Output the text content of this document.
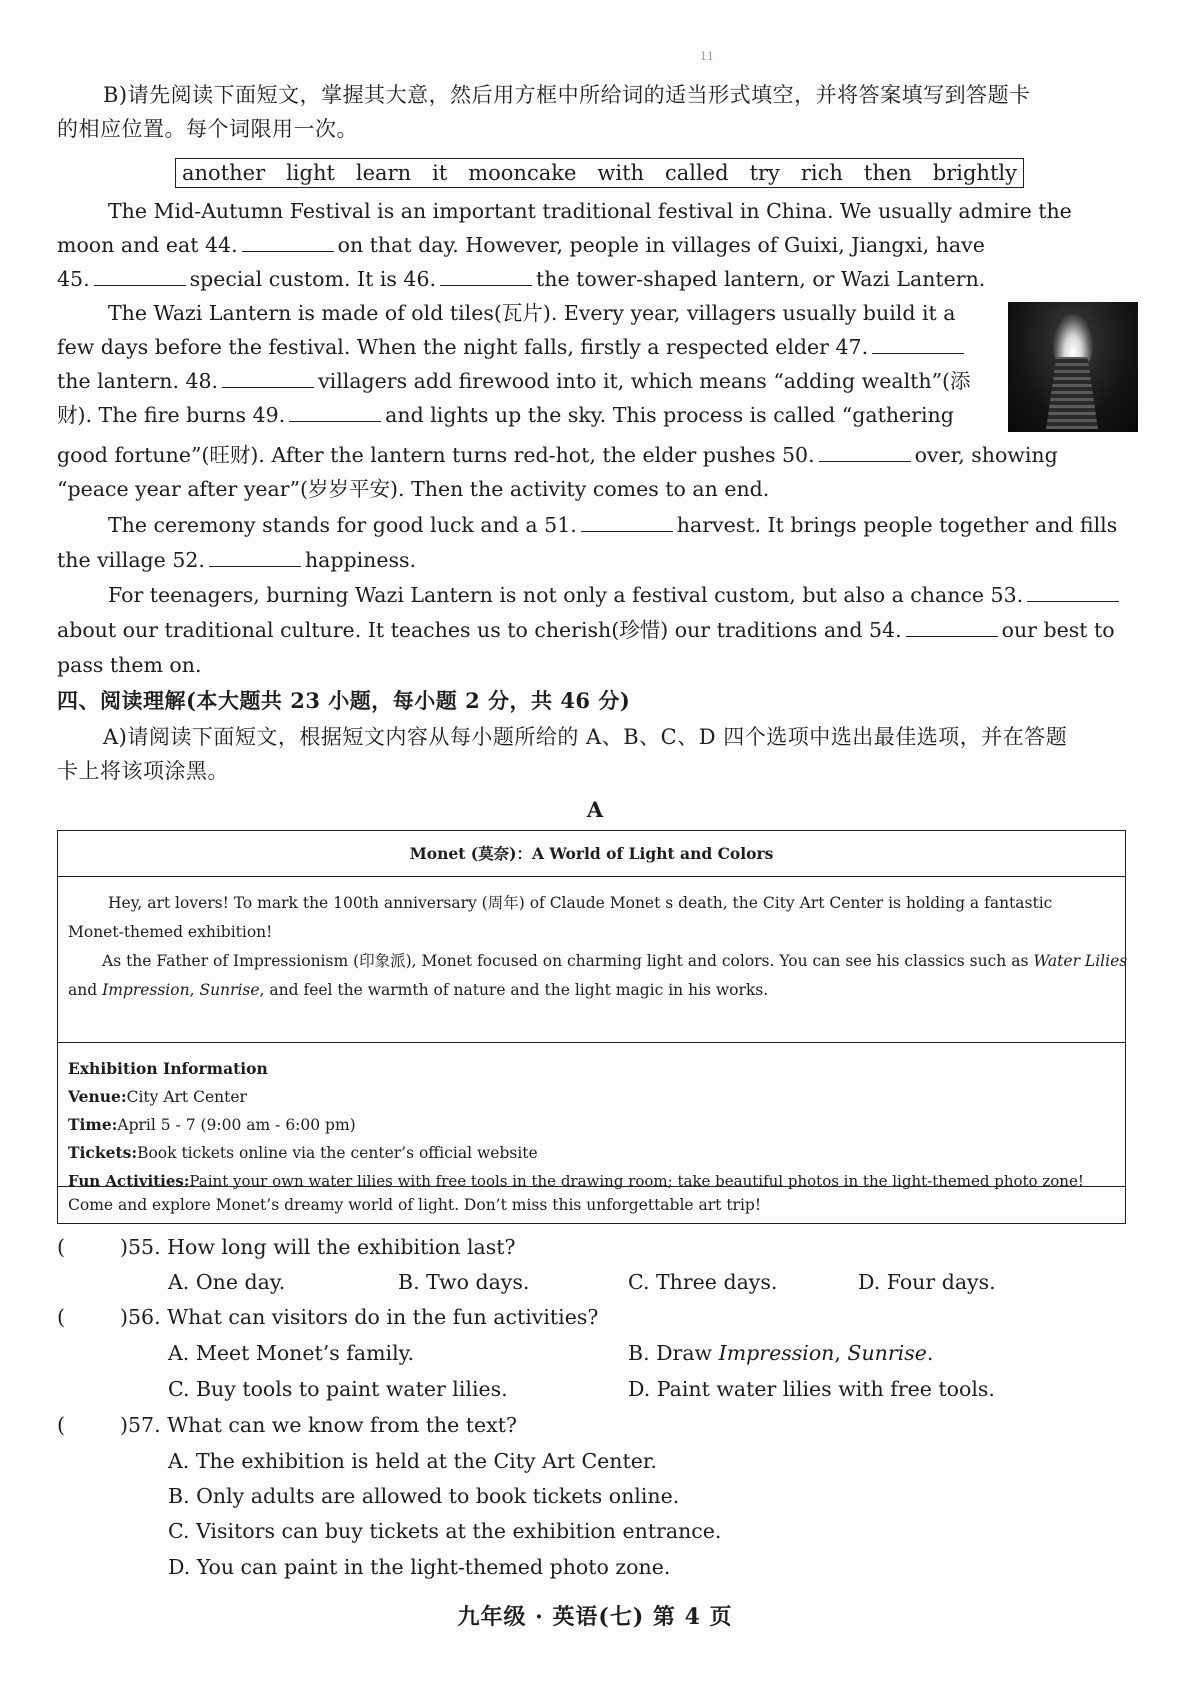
11
B)请先阅读下面短文，掌握其大意，然后用方框中所给词的适当形式填空，并将答案填写到答题卡
的相应位置。每个词限用一次。
another light learn it mooncake with called try rich then brightly
The Mid-Autumn Festival is an important traditional festival in China. We usually admire the
moon and eat 44.	on that day. However, people in villages of Guixi, Jiangxi, have
45.	special custom. It is 46.	the tower-shaped lantern, or Wazi Lantern.
The Wazi Lantern is made of old tiles(瓦片). Every year, villagers usually build it a
few days before the festival. When the night falls, firstly a respected elder 47.
the lantern. 48.	villagers add firewood into it, which means “adding wealth”(添
财). The fire burns 49.	and lights up the sky. This process is called “gathering
good fortune”(旺财). After the lantern turns red-hot, the elder pushes 50.	over, showing
“peace year after year”(岁岁平安). Then the activity comes to an end.
The ceremony stands for good luck and a 51.	harvest. It brings people together and fills
the village 52.	happiness.
For teenagers, burning Wazi Lantern is not only a festival custom, but also a chance 53.
about our traditional culture. It teaches us to cherish(珍惜) our traditions and 54.	our best to
pass them on.
四、阅读理解(本大题共 23 小题，每小题 2 分，共 46 分)
A)请阅读下面短文，根据短文内容从每小题所给的 A、B、C、D 四个选项中选出最佳选项，并在答题
卡上将该项涂黑。
A
Monet (莫奈)：A World of Light and Colors
Hey, art lovers! To mark the 100th anniversary (周年) of Claude Monet s death, the City Art Center is holding a fantastic
Monet-themed exhibition!
As the Father of Impressionism (印象派), Monet focused on charming light and colors. You can see his classics such as Water Lilies
and Impression, Sunrise, and feel the warmth of nature and the light magic in his works.
Exhibition Information
Venue:City Art Center
Time:April 5 - 7 (9:00 am - 6:00 pm)
Tickets:Book tickets online via the center’s official website
Fun Activities:Paint your own water lilies with free tools in the drawing room; take beautiful photos in the light-themed photo zone!
Come and explore Monet’s dreamy world of light. Don’t miss this unforgettable art trip!
(	)55. How long will the exhibition last?
A. One day.	B. Two days.	C. Three days.	D. Four days.
(	)56. What can visitors do in the fun activities?
A. Meet Monet’s family.	B. Draw Impression, Sunrise.
C. Buy tools to paint water lilies.	D. Paint water lilies with free tools.
(	)57. What can we know from the text?
A. The exhibition is held at the City Art Center.
B. Only adults are allowed to book tickets online.
C. Visitors can buy tickets at the exhibition entrance.
D. You can paint in the light-themed photo zone.
九年级 · 英语(七) 第 4 页
